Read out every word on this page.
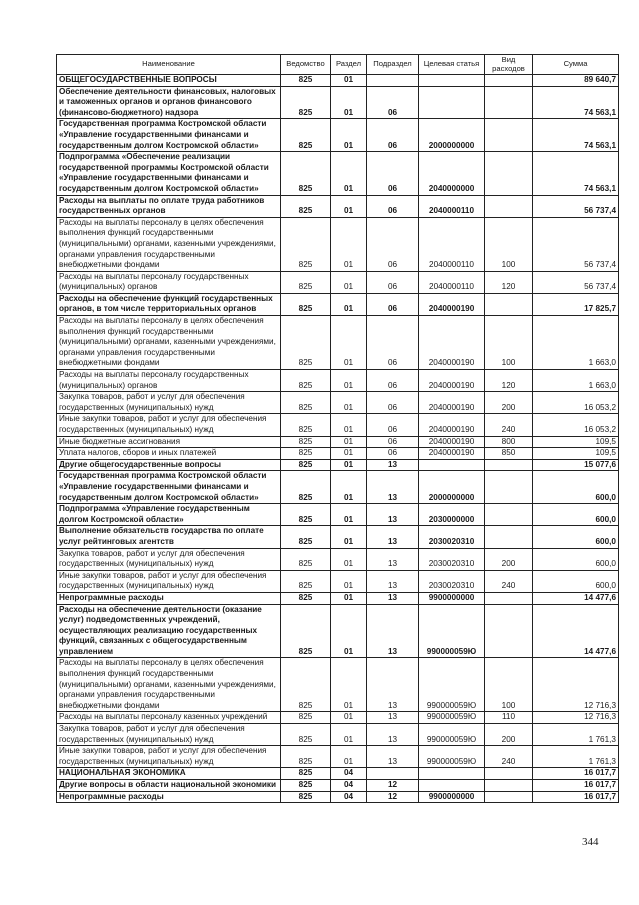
Наименование	Ведомство	Раздел	Подраздел	Целевая статья	Вид расходов	Сумма
ОБЩЕГОСУДАРСТВЕННЫЕ ВОПРОСЫ	825	01				89 640,7
Обеспечение деятельности финансовых, налоговых и таможенных органов и органов финансового (финансово-бюджетного) надзора	825	01	06			74 563,1
Государственная программа Костромской области «Управление государственными финансами и государственным долгом Костромской области»	825	01	06	2000000000		74 563,1
Подпрограмма «Обеспечение реализации государственной программы Костромской области «Управление государственными финансами и государственным долгом Костромской области»	825	01	06	2040000000		74 563,1
Расходы на выплаты по оплате труда работников государственных органов	825	01	06	2040000110		56 737,4
Расходы на выплаты персоналу в целях обеспечения выполнения функций государственными (муниципальными) органами, казенными учреждениями, органами управления государственными внебюджетными фондами	825	01	06	2040000110	100	56 737,4
Расходы на выплаты персоналу государственных (муниципальных) органов	825	01	06	2040000110	120	56 737,4
Расходы на обеспечение функций государственных органов, в том числе территориальных органов	825	01	06	2040000190		17 825,7
Расходы на выплаты персоналу в целях обеспечения выполнения функций государственными (муниципальными) органами, казенными учреждениями, органами управления государственными внебюджетными фондами	825	01	06	2040000190	100	1 663,0
Расходы на выплаты персоналу государственных (муниципальных) органов	825	01	06	2040000190	120	1 663,0
Закупка товаров, работ и услуг для обеспечения государственных (муниципальных) нужд	825	01	06	2040000190	200	16 053,2
Иные закупки товаров, работ и услуг для обеспечения государственных (муниципальных) нужд	825	01	06	2040000190	240	16 053,2
Иные бюджетные ассигнования	825	01	06	2040000190	800	109,5
Уплата налогов, сборов и иных платежей	825	01	06	2040000190	850	109,5
Другие общегосударственные вопросы	825	01	13			15 077,6
Государственная программа Костромской области «Управление государственными финансами и государственным долгом Костромской области»	825	01	13	2000000000		600,0
Подпрограмма «Управление государственным долгом Костромской области»	825	01	13	2030000000		600,0
Выполнение обязательств государства по оплате услуг рейтинговых агентств	825	01	13	2030020310		600,0
Закупка товаров, работ и услуг для обеспечения государственных (муниципальных) нужд	825	01	13	2030020310	200	600,0
Иные закупки товаров, работ и услуг для обеспечения государственных (муниципальных) нужд	825	01	13	2030020310	240	600,0
Непрограммные расходы	825	01	13	9900000000		14 477,6
Расходы на обеспечение деятельности (оказание услуг) подведомственных учреждений, осуществляющих реализацию государственных функций, связанных с общегосударственным управлением	825	01	13	990000059Ю		14 477,6
Расходы на выплаты персоналу в целях обеспечения выполнения функций государственными (муниципальными) органами, казенными учреждениями, органами управления государственными внебюджетными фондами	825	01	13	990000059Ю	100	12 716,3
Расходы на выплаты персоналу казенных учреждений	825	01	13	990000059Ю	110	12 716,3
Закупка товаров, работ и услуг для обеспечения государственных (муниципальных) нужд	825	01	13	990000059Ю	200	1 761,3
Иные закупки товаров, работ и услуг для обеспечения государственных (муниципальных) нужд	825	01	13	990000059Ю	240	1 761,3
НАЦИОНАЛЬНАЯ ЭКОНОМИКА	825	04				16 017,7
Другие вопросы в области национальной экономики	825	04	12			16 017,7
Непрограммные расходы	825	04	12	9900000000		16 017,7
344
